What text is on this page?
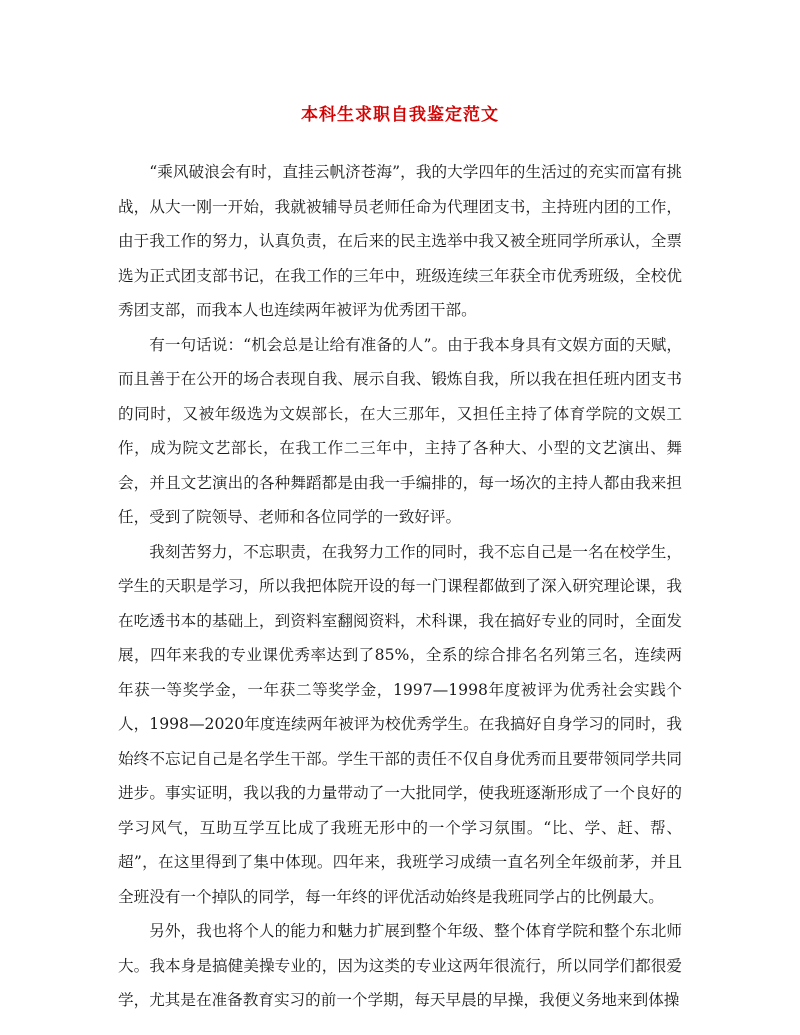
本科生求职自我鉴定范文

“乘风破浪会有时，直挂云帆济苍海”，我的大学四年的生活过的充实而富有挑战，从大一刚一开始，我就被辅导员老师任命为代理团支书，主持班内团的工作，由于我工作的努力，认真负责，在后来的民主选举中我又被全班同学所承认，全票选为正式团支部书记，在我工作的三年中，班级连续三年获全市优秀班级，全校优秀团支部，而我本人也连续两年被评为优秀团干部。

有一句话说：“机会总是让给有准备的人”。由于我本身具有文娱方面的天赋，而且善于在公开的场合表现自我、展示自我、锻炼自我，所以我在担任班内团支书的同时，又被年级选为文娱部长，在大三那年，又担任主持了体育学院的文娱工作，成为院文艺部长，在我工作二三年中，主持了各种大、小型的文艺演出、舞会，并且文艺演出的各种舞蹈都是由我一手编排的，每一场次的主持人都由我来担任，受到了院领导、老师和各位同学的一致好评。

我刻苦努力，不忘职责，在我努力工作的同时，我不忘自己是一名在校学生，学生的天职是学习，所以我把体院开设的每一门课程都做到了深入研究理论课，我在吃透书本的基础上，到资料室翻阅资料，术科课，我在搞好专业的同时，全面发展，四年来我的专业课优秀率达到了85%，全系的综合排名名列第三名，连续两年获一等奖学金，一年获二等奖学金，1997—1998年度被评为优秀社会实践个人，1998—2020年度连续两年被评为校优秀学生。在我搞好自身学习的同时，我始终不忘记自己是名学生干部。学生干部的责任不仅自身优秀而且要带领同学共同进步。事实证明，我以我的力量带动了一大批同学，使我班逐渐形成了一个良好的学习风气，互助互学互比成了我班无形中的一个学习氛围。“比、学、赶、帮、超”，在这里得到了集中体现。四年来，我班学习成绩一直名列全年级前茅，并且全班没有一个掉队的同学，每一年终的评优活动始终是我班同学占的比例最大。

另外，我也将个人的能力和魅力扩展到整个年级、整个体育学院和整个东北师大。我本身是搞健美操专业的，因为这类的专业这两年很流行，所以同学们都很爱学，尤其是在准备教育实习的前一个学期，每天早晨的早操，我便义务地来到体操
